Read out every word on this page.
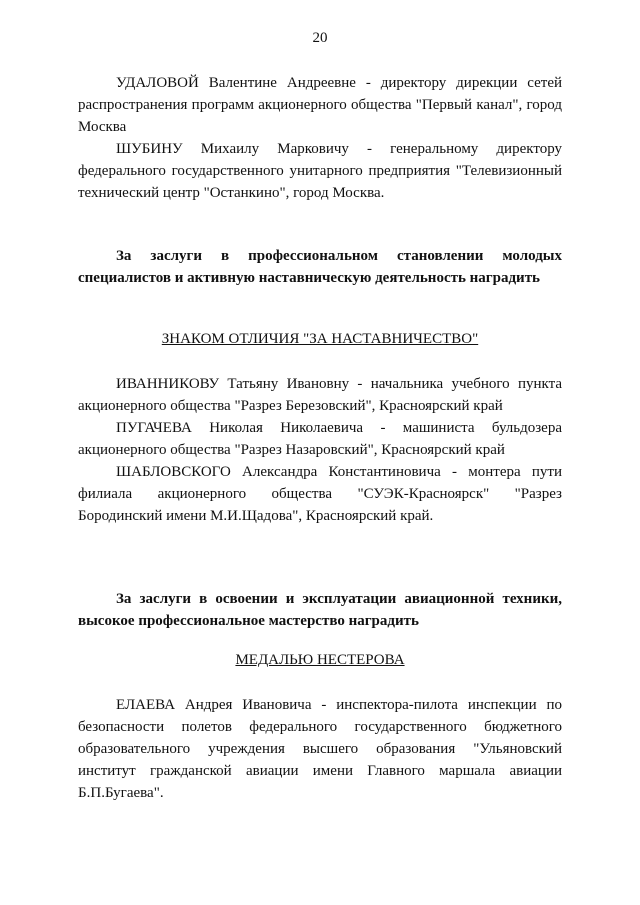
20

УДАЛОВОЙ Валентине Андреевне - директору дирекции сетей распространения программ акционерного общества "Первый канал", город Москва

ШУБИНУ Михаилу Марковичу - генеральному директору федерального государственного унитарного предприятия "Телевизионный технический центр "Останкино", город Москва.

За заслуги в профессиональном становлении молодых специалистов и активную наставническую деятельность наградить

ЗНАКОМ ОТЛИЧИЯ "ЗА НАСТАВНИЧЕСТВО"

ИВАННИКОВУ Татьяну Ивановну - начальника учебного пункта акционерного общества "Разрез Березовский", Красноярский край

ПУГАЧЕВА Николая Николаевича - машиниста бульдозера акционерного общества "Разрез Назаровский", Красноярский край

ШАБЛОВСКОГО Александра Константиновича - монтера пути филиала акционерного общества "СУЭК-Красноярск" "Разрез Бородинский имени М.И.Щадова", Красноярский край.

За заслуги в освоении и эксплуатации авиационной техники, высокое профессиональное мастерство наградить

МЕДАЛЬЮ НЕСТЕРОВА

ЕЛАЕВА Андрея Ивановича - инспектора-пилота инспекции по безопасности полетов федерального государственного бюджетного образовательного учреждения высшего образования "Ульяновский институт гражданской авиации имени Главного маршала авиации Б.П.Бугаева".
